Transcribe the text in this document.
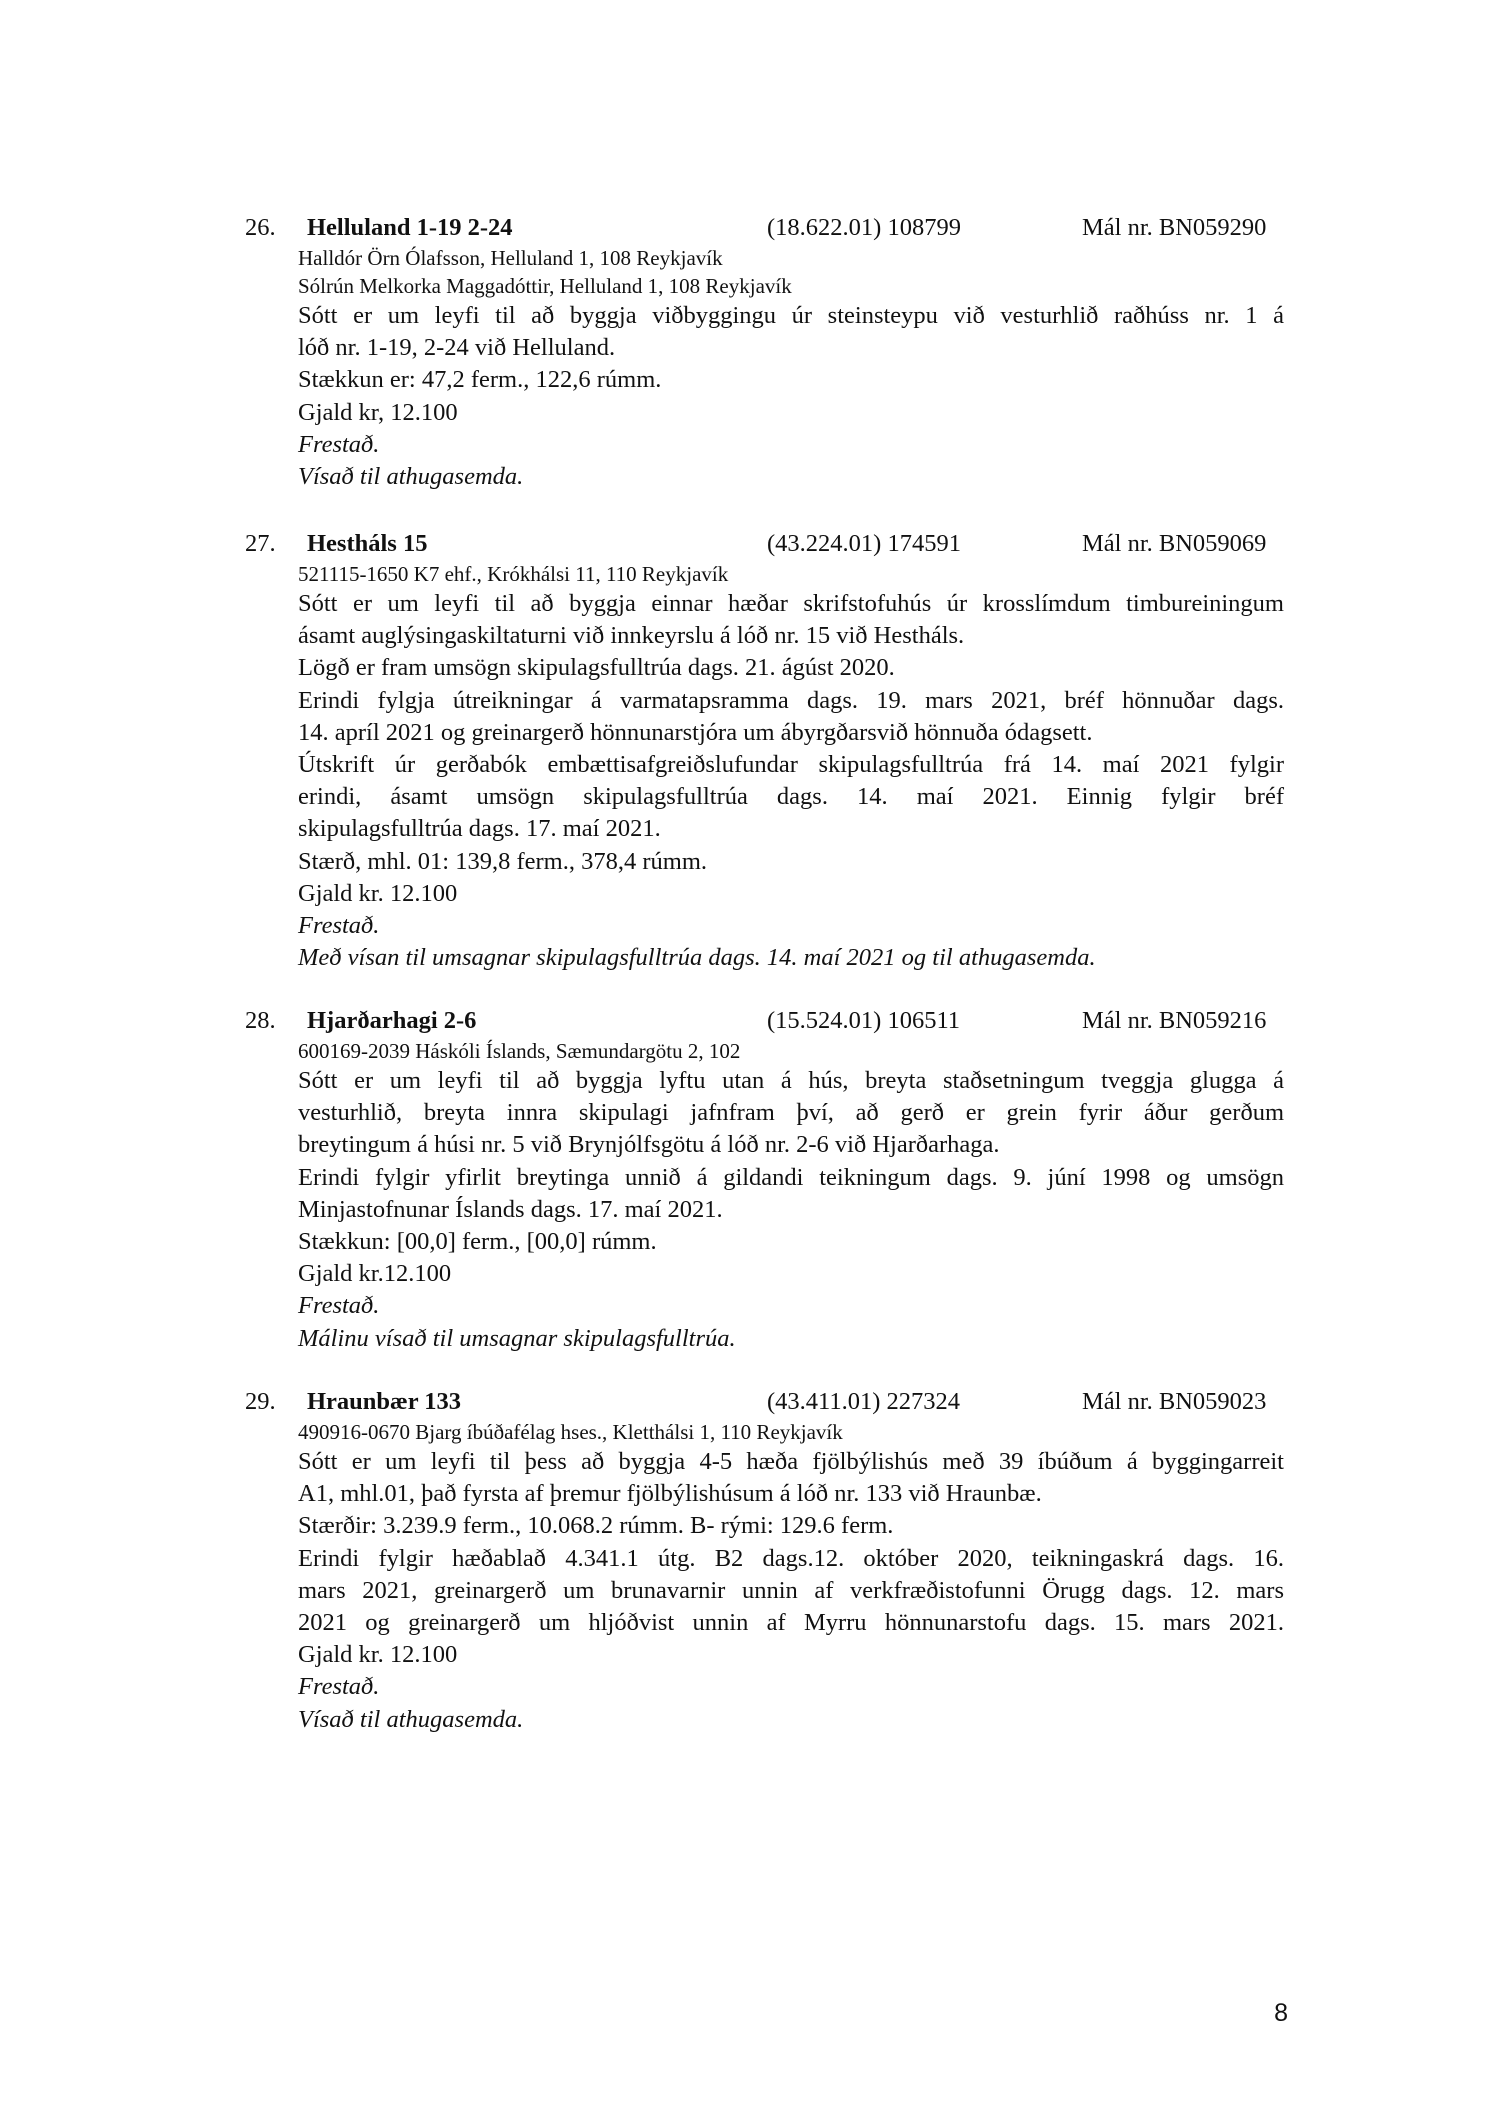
26. Helluland 1-19 2-24	(18.622.01) 108799	Mál nr. BN059290
Halldór Örn Ólafsson, Helluland 1, 108 Reykjavík
Sólrún Melkorka Maggadóttir, Helluland 1, 108 Reykjavík
Sótt er um leyfi til að byggja viðbyggingu úr steinsteypu við vesturhlið raðhúss nr. 1 á
lóð nr. 1-19, 2-24 við Helluland.
Stækkun er: 47,2 ferm., 122,6 rúmm.
Gjald kr, 12.100
Frestað.
Vísað til athugasemda.
27. Hestháls 15	(43.224.01) 174591	Mál nr. BN059069
521115-1650 K7 ehf., Krókhálsi 11, 110 Reykjavík
Sótt er um leyfi til að byggja einnar hæðar skrifstofuhús úr krosslímdum timbureiningum
ásamt auglýsingaskiltaturni við innkeyrslu á lóð nr. 15 við Hestháls.
Lögð er fram umsögn skipulagsfulltrúa dags. 21. ágúst 2020.
Erindi fylgja útreikningar á varmatapsramma dags. 19. mars 2021, bréf hönnuðar dags.
14. apríl 2021 og greinargerð hönnunarstjóra um ábyrgðarsvið hönnuða ódagsett.
Útskrift úr gerðabók embættisafgreiðslufundar skipulagsfulltrúa frá 14. maí 2021 fylgir
erindi, ásamt umsögn skipulagsfulltrúa dags. 14. maí 2021. Einnig fylgir bréf
skipulagsfulltrúa dags. 17. maí 2021.
Stærð, mhl. 01: 139,8 ferm., 378,4 rúmm.
Gjald kr. 12.100
Frestað.
Með vísan til umsagnar skipulagsfulltrúa dags. 14. maí 2021 og til athugasemda.
28. Hjarðarhagi 2-6	(15.524.01) 106511	Mál nr. BN059216
600169-2039 Háskóli Íslands, Sæmundargötu 2, 102
Sótt er um leyfi til að byggja lyftu utan á hús, breyta staðsetningum tveggja glugga á
vesturhlið, breyta innra skipulagi jafnfram því, að gerð er grein fyrir áður gerðum
breytingum á húsi nr. 5 við Brynjólfsgötu á lóð nr. 2-6 við Hjarðarhaga.
Erindi fylgir yfirlit breytinga unnið á gildandi teikningum dags. 9. júní 1998 og umsögn
Minjastofnunar Íslands dags. 17. maí 2021.
Stækkun: [00,0] ferm., [00,0] rúmm.
Gjald kr.12.100
Frestað.
Málinu vísað til umsagnar skipulagsfulltrúa.
29. Hraunbær 133	(43.411.01) 227324	Mál nr. BN059023
490916-0670 Bjarg íbúðafélag hses., Kletthálsi 1, 110 Reykjavík
Sótt er um leyfi til þess að byggja 4-5 hæða fjölbýlishús með 39 íbúðum á byggingarreit
A1, mhl.01, það fyrsta af þremur fjölbýlishúsum á lóð nr. 133 við Hraunbæ.
Stærðir: 3.239.9 ferm., 10.068.2 rúmm. B- rými: 129.6 ferm.
Erindi fylgir hæðablað 4.341.1 útg. B2 dags.12. október 2020, teikningaskrá dags. 16.
mars 2021, greinargerð um brunavarnir unnin af verkfræðistofunni Örugg dags. 12. mars
2021 og greinargerð um hljóðvist unnin af Myrru hönnunarstofu dags. 15. mars 2021.
Gjald kr. 12.100
Frestað.
Vísað til athugasemda.
8
